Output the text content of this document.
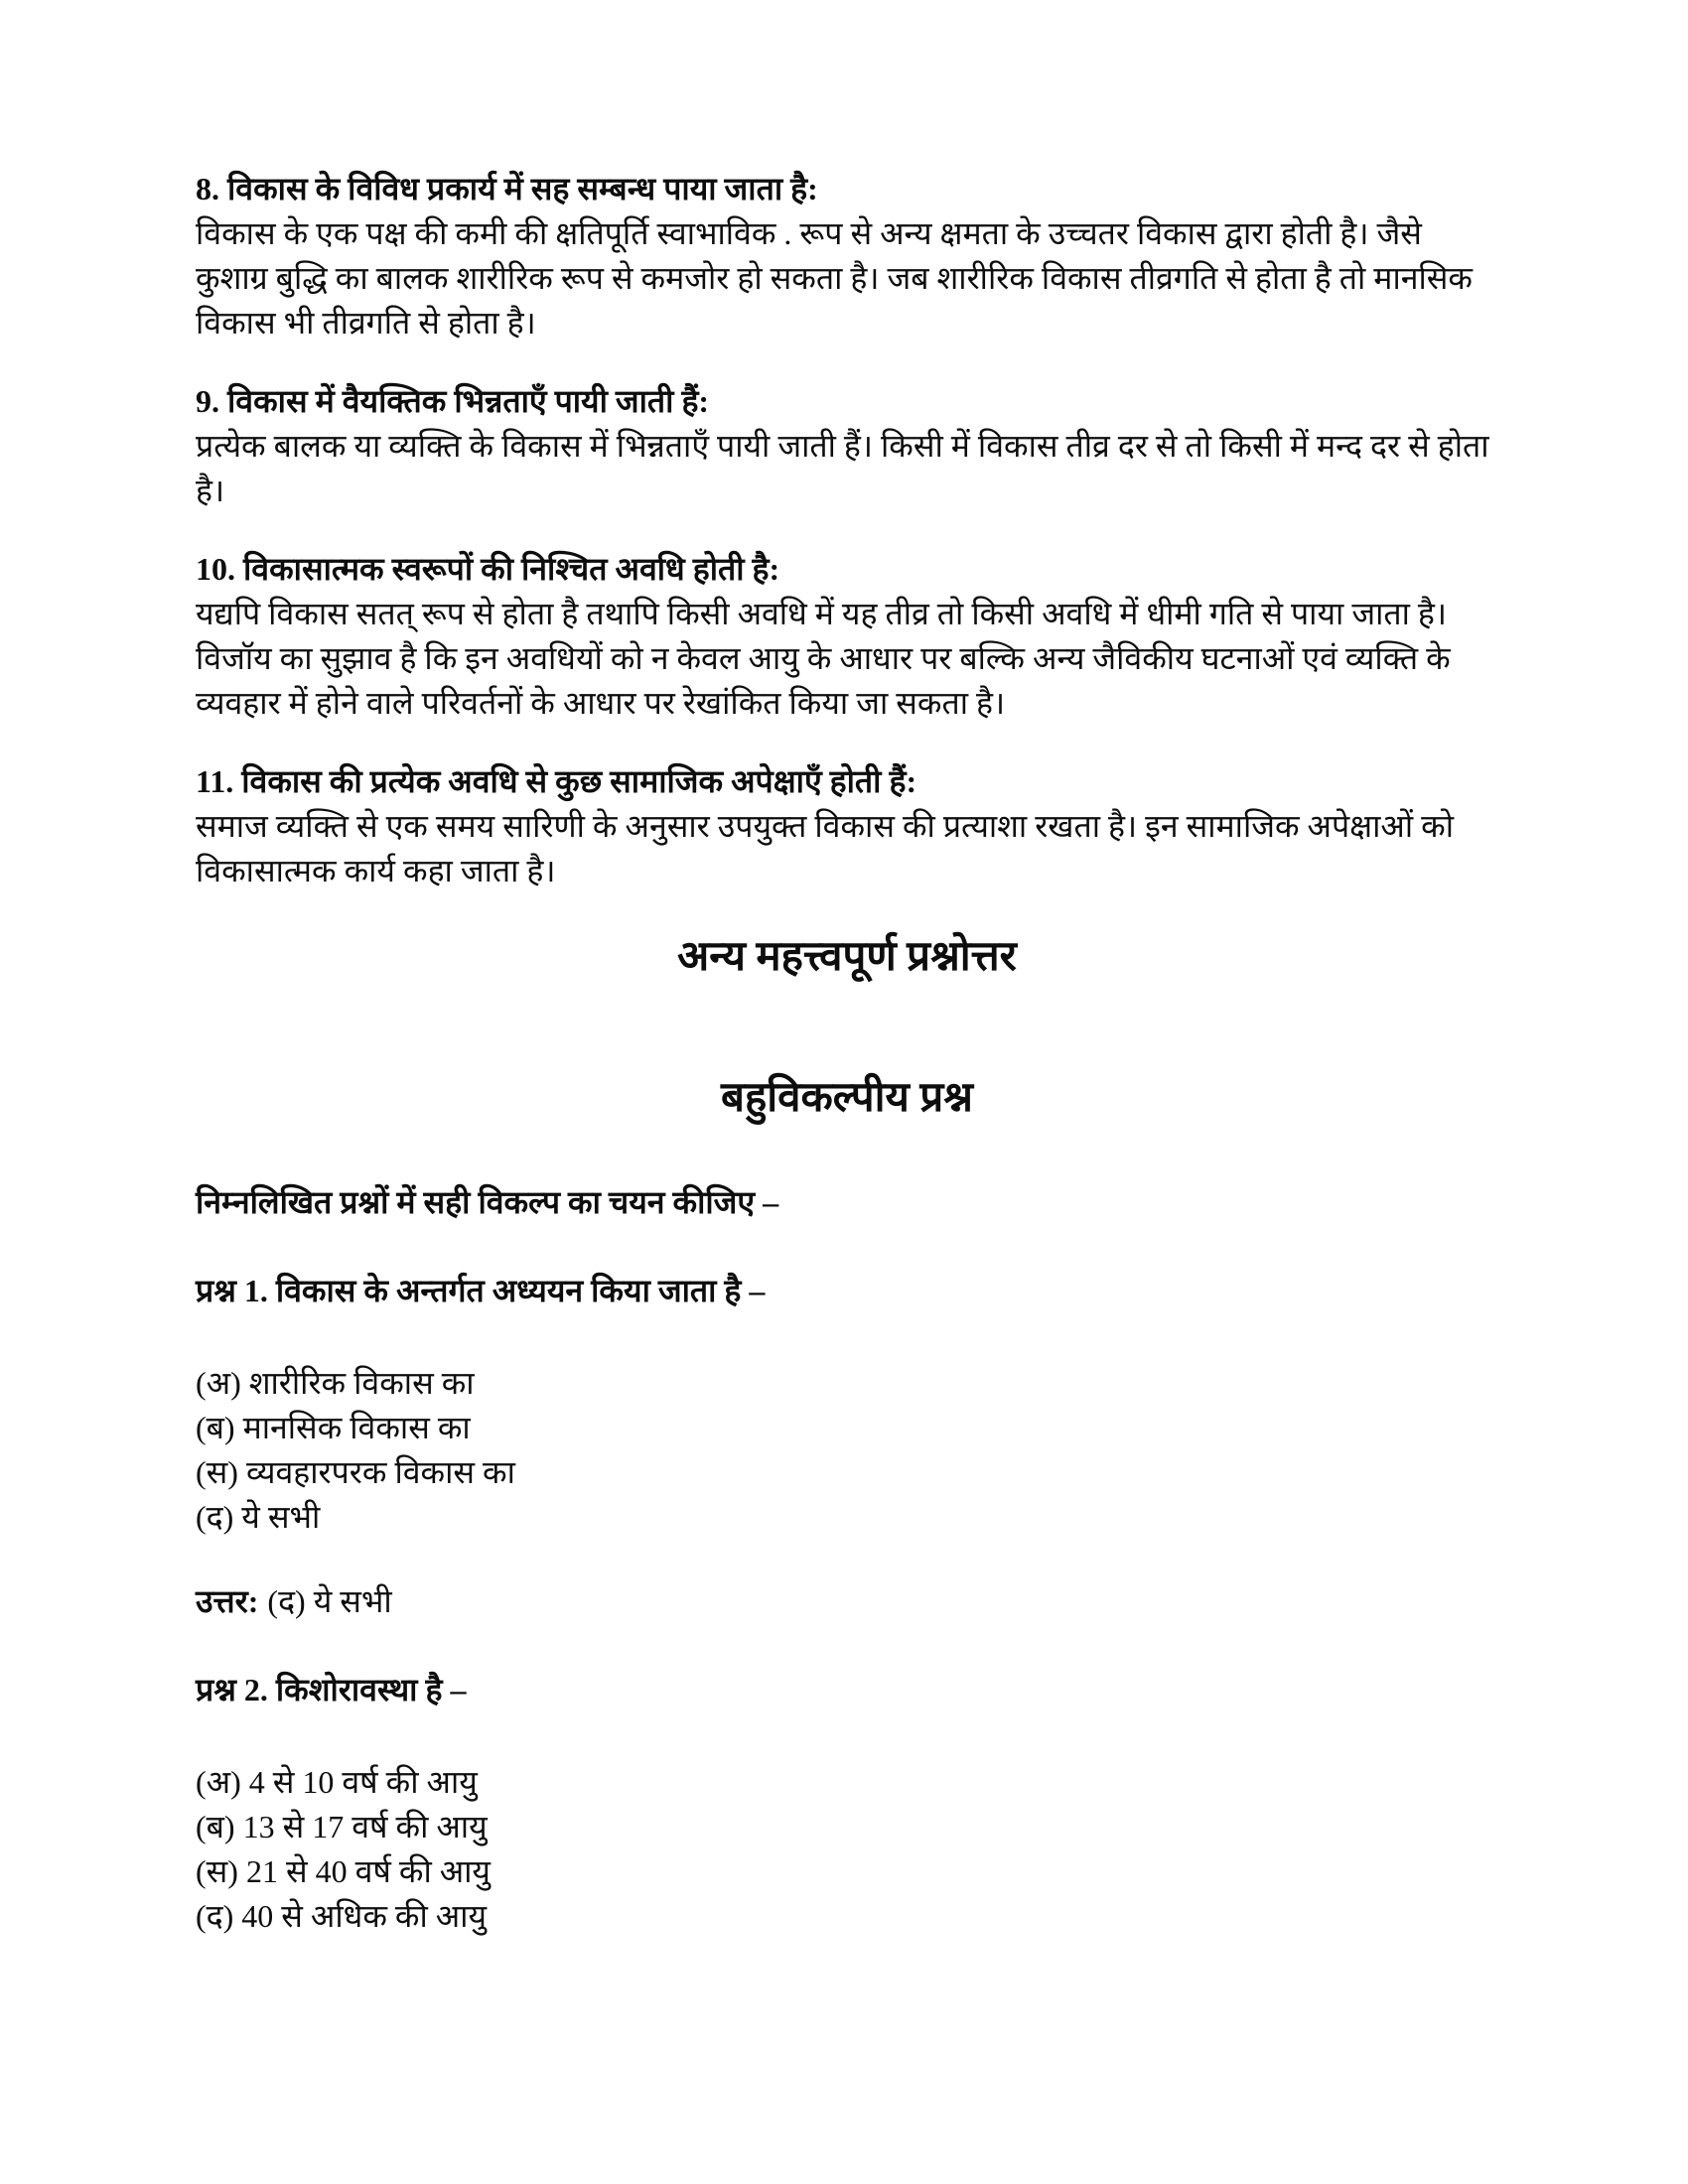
8. विकास के विविध प्रकार्य में सह सम्बन्ध पाया जाता है:

विकास के एक पक्ष की कमी की क्षतिपूर्ति स्वाभाविक . रूप से अन्य क्षमता के उच्चतर विकास द्वारा होती है। जैसे कुशाग्र बुद्धि का बालक शारीरिक रूप से कमजोर हो सकता है। जब शारीरिक विकास तीव्रगति से होता है तो मानसिक विकास भी तीव्रगति से होता है।

9. विकास में वैयक्तिक भिन्नताएँ पायी जाती हैं:

प्रत्येक बालक या व्यक्ति के विकास में भिन्नताएँ पायी जाती हैं। किसी में विकास तीव्र दर से तो किसी में मन्द दर से होता है।

10. विकासात्मक स्वरूपों की निश्चित अवधि होती है:

यद्यपि विकास सतत् रूप से होता है तथापि किसी अवधि में यह तीव्र तो किसी अवधि में धीमी गति से पाया जाता है। विजॉय का सुझाव है कि इन अवधियों को न केवल आयु के आधार पर बल्कि अन्य जैविकीय घटनाओं एवं व्यक्ति के व्यवहार में होने वाले परिवर्तनों के आधार पर रेखांकित किया जा सकता है।

11. विकास की प्रत्येक अवधि से कुछ सामाजिक अपेक्षाएँ होती हैं:

समाज व्यक्ति से एक समय सारिणी के अनुसार उपयुक्त विकास की प्रत्याशा रखता है। इन सामाजिक अपेक्षाओं को विकासात्मक कार्य कहा जाता है।

अन्य महत्त्वपूर्ण प्रश्नोत्तर
बहुविकल्पीय प्रश्न

निम्नलिखित प्रश्नों में सही विकल्प का चयन कीजिए –

प्रश्न 1. विकास के अन्तर्गत अध्ययन किया जाता है –

(अ) शारीरिक विकास का

(ब) मानसिक विकास का

(स) व्यवहारपरक विकास का

(द) ये सभी

उत्तर: (द) ये सभी

प्रश्न 2. किशोरावस्था है –

(अ) 4 से 10 वर्ष की आयु

(ब) 13 से 17 वर्ष की आयु

(स) 21 से 40 वर्ष की आयु

(द) 40 से अधिक की आयु
